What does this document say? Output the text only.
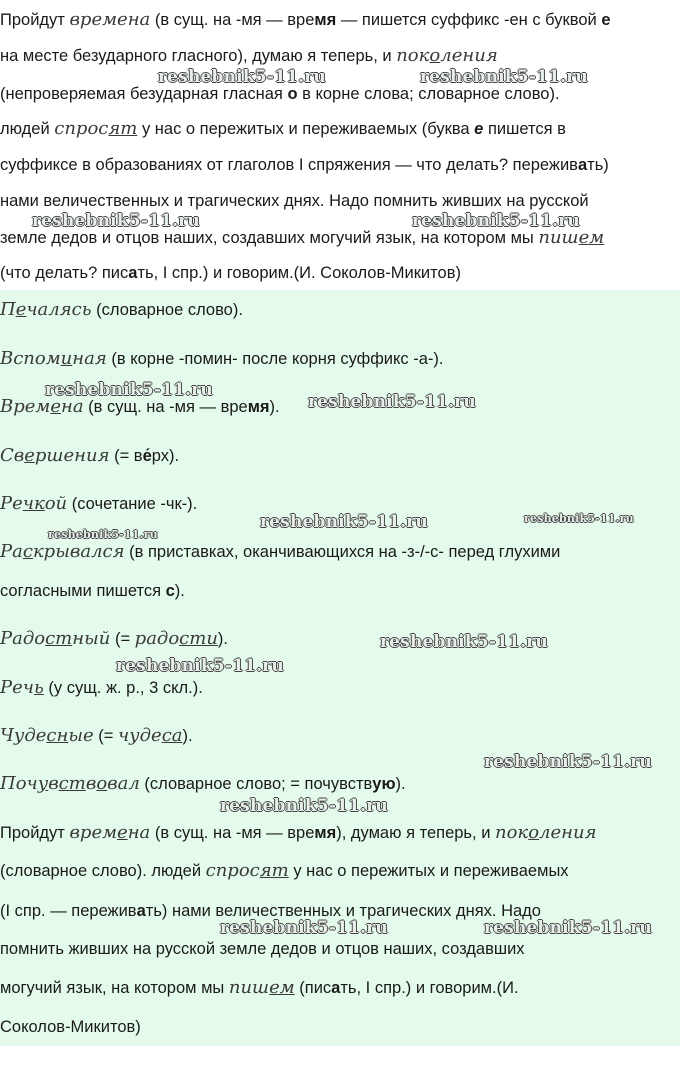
Пройдут времена (в сущ. на -мя — время — пишется суффикс -ен с буквой е
на месте безударного гласного), думаю я теперь, и поколения
(непроверяемая безударная гласная о в корне слова; словарное слово).
людей спросят у нас о пережитых и переживаемых (буква е пишется в
суффиксе в образованиях от глаголов I спряжения — что делать? переживать)
нами величественных и трагических днях. Надо помнить живших на русской
земле дедов и отцов наших, создавших могучий язык, на котором мы пишем
(что делать? писать, I спр.) и говорим.(И. Соколов-Микитов)
Печалясь (словарное слово).
Вспоминая (в корне -помин- после корня суффикс -а-).
Времена (в сущ. на -мя — время).
Свершения (= ве́рх).
Речкой (сочетание -чк-).
Раскрывался (в приставках, оканчивающихся на -з-/-с- перед глухими
согласными пишется с).
Радостный (= радости).
Речь (у сущ. ж. р., 3 скл.).
Чудесные (= чудеса).
Почувствовал (словарное слово; = почувствую).
Пройдут времена (в сущ. на -мя — время), думаю я теперь, и поколения
(словарное слово). людей спросят у нас о пережитых и переживаемых
(I спр. — переживать) нами величественных и трагических днях. Надо
помнить живших на русской земле дедов и отцов наших, создавших
могучий язык, на котором мы пишем (писать, I спр.) и говорим.(И.
Соколов-Микитов)
reshebnik5-11.ru	reshebnik5-11.ru
reshebnik5-11.ru	reshebnik5-11.ru
reshebnik5-11.ru
reshebnik5-11.ru
reshebnik5-11.ru	reshebnik5-11.ru
reshebnik5-11.ru
reshebnik5-11.ru
reshebnik5-11.ru
reshebnik5-11.ru
reshebnik5-11.ru
reshebnik5-11.ru	reshebnik5-11.ru
